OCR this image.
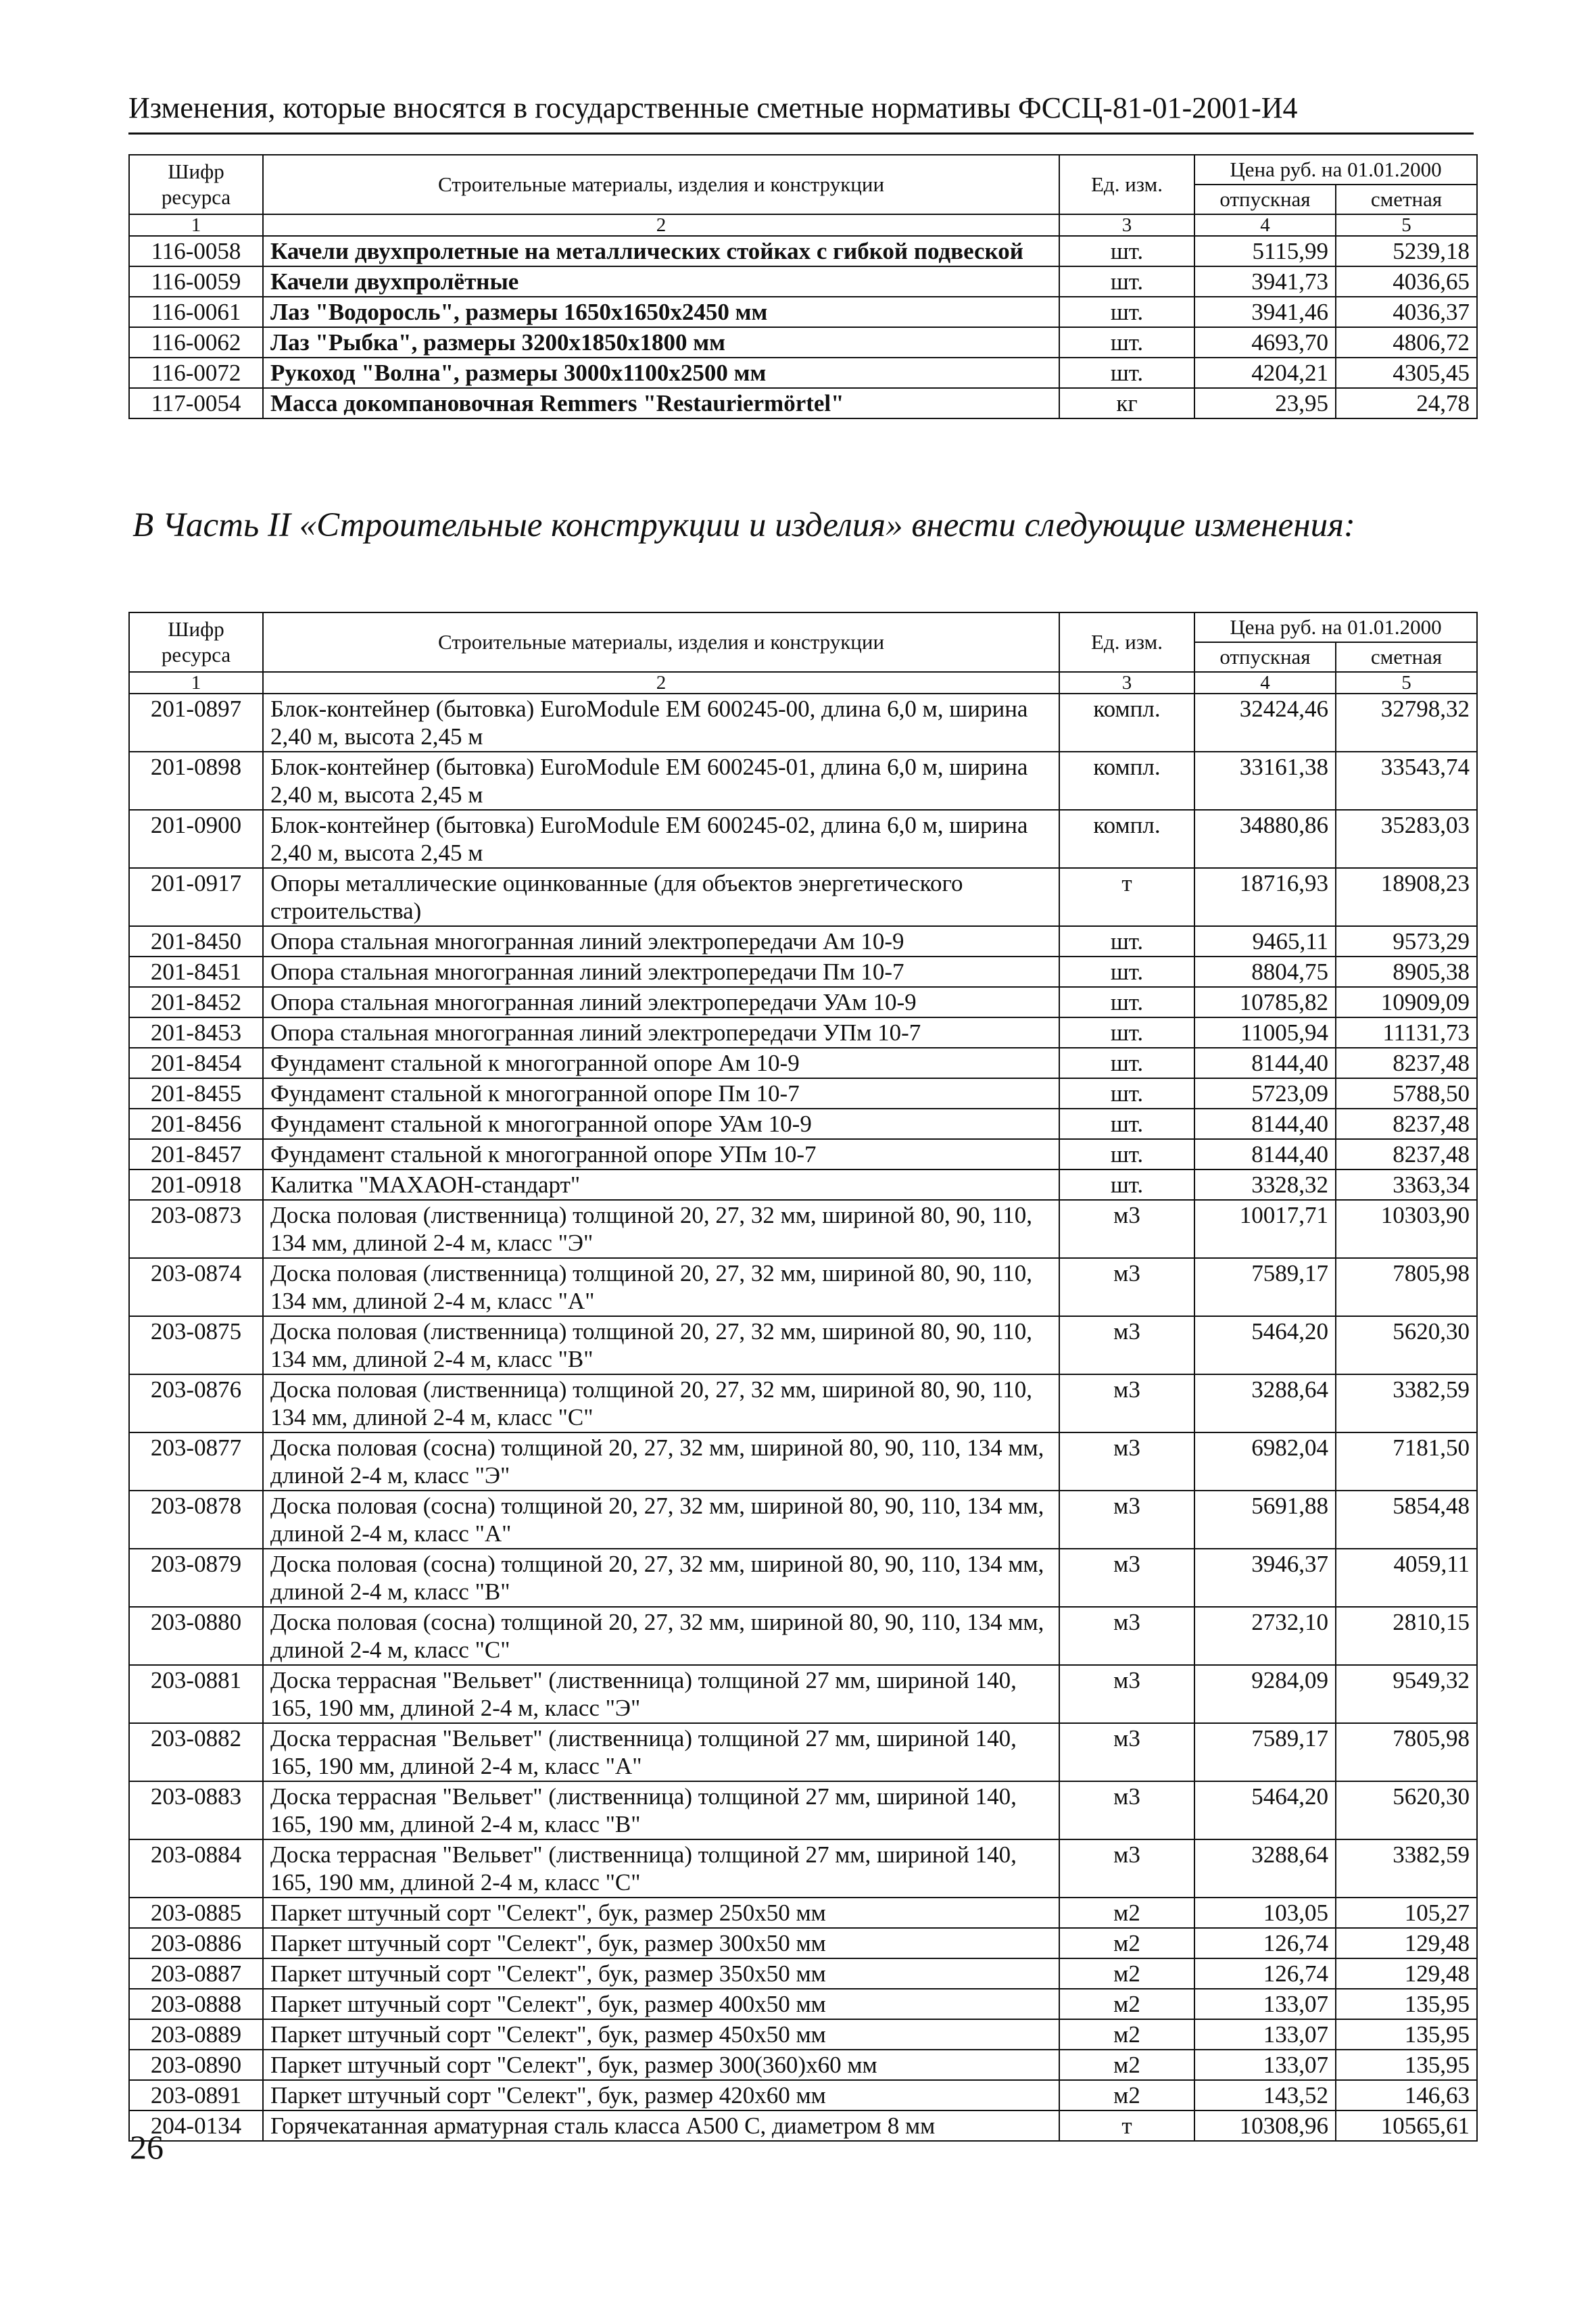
Изменения, которые вносятся в государственные сметные нормативы ФССЦ-81-01-2001-И4
Шифр ресурса	Строительные материалы, изделия и конструкции	Ед. изм.	Цена руб. на 01.01.2000	
			отпускная	сметная
1	2	3	4	5
116-0058	Качели двухпролетные на металлических стойках с гибкой подвеской	шт.	5115,99	5239,18
116-0059	Качели двухпролётные	шт.	3941,73	4036,65
116-0061	Лаз "Водоросль", размеры 1650x1650x2450 мм	шт.	3941,46	4036,37
116-0062	Лаз "Рыбка", размеры 3200x1850x1800 мм	шт.	4693,70	4806,72
116-0072	Рукоход "Волна", размеры 3000x1100x2500 мм	шт.	4204,21	4305,45
117-0054	Масса докомпановочная Remmers "Restauriermörtel"	кг	23,95	24,78
В Часть II «Строительные конструкции и изделия» внести следующие изменения:
Шифр ресурса	Строительные материалы, изделия и конструкции	Ед. изм.	Цена руб. на 01.01.2000	
			отпускная	сметная
1	2	3	4	5
201-0897	Блок-контейнер (бытовка) EuroModule EM 600245-00, длина 6,0 м, ширина 2,40 м, высота 2,45 м	компл.	32424,46	32798,32
201-0898	Блок-контейнер (бытовка) EuroModule EM 600245-01, длина 6,0 м, ширина 2,40 м, высота 2,45 м	компл.	33161,38	33543,74
201-0900	Блок-контейнер (бытовка) EuroModule EM 600245-02, длина 6,0 м, ширина 2,40 м, высота 2,45 м	компл.	34880,86	35283,03
201-0917	Опоры металлические оцинкованные (для объектов энергетического строительства)	т	18716,93	18908,23
201-8450	Опора стальная многогранная линий электропередачи Ам 10-9	шт.	9465,11	9573,29
201-8451	Опора стальная многогранная линий электропередачи Пм 10-7	шт.	8804,75	8905,38
201-8452	Опора стальная многогранная линий электропередачи УАм 10-9	шт.	10785,82	10909,09
201-8453	Опора стальная многогранная линий электропередачи УПм 10-7	шт.	11005,94	11131,73
201-8454	Фундамент стальной к многогранной опоре Ам 10-9	шт.	8144,40	8237,48
201-8455	Фундамент стальной к многогранной опоре Пм 10-7	шт.	5723,09	5788,50
201-8456	Фундамент стальной к многогранной опоре УАм 10-9	шт.	8144,40	8237,48
201-8457	Фундамент стальной к многогранной опоре УПм 10-7	шт.	8144,40	8237,48
201-0918	Калитка "МАХАОН-стандарт"	шт.	3328,32	3363,34
203-0873	Доска половая (лиственница) толщиной 20, 27, 32 мм, шириной 80, 90, 110, 134 мм, длиной 2-4 м, класс "Э"	м3	10017,71	10303,90
203-0874	Доска половая (лиственница) толщиной 20, 27, 32 мм, шириной 80, 90, 110, 134 мм, длиной 2-4 м, класс "А"	м3	7589,17	7805,98
203-0875	Доска половая (лиственница) толщиной 20, 27, 32 мм, шириной 80, 90, 110, 134 мм, длиной 2-4 м, класс "В"	м3	5464,20	5620,30
203-0876	Доска половая (лиственница) толщиной 20, 27, 32 мм, шириной 80, 90, 110, 134 мм, длиной 2-4 м, класс "С"	м3	3288,64	3382,59
203-0877	Доска половая (сосна) толщиной 20, 27, 32 мм, шириной 80, 90, 110, 134 мм, длиной 2-4 м, класс "Э"	м3	6982,04	7181,50
203-0878	Доска половая (сосна) толщиной 20, 27, 32 мм, шириной 80, 90, 110, 134 мм, длиной 2-4 м, класс "А"	м3	5691,88	5854,48
203-0879	Доска половая (сосна) толщиной 20, 27, 32 мм, шириной 80, 90, 110, 134 мм, длиной 2-4 м, класс "В"	м3	3946,37	4059,11
203-0880	Доска половая (сосна) толщиной 20, 27, 32 мм, шириной 80, 90, 110, 134 мм, длиной 2-4 м, класс "С"	м3	2732,10	2810,15
203-0881	Доска террасная "Вельвет" (лиственница) толщиной 27 мм, шириной 140, 165, 190 мм, длиной 2-4 м, класс "Э"	м3	9284,09	9549,32
203-0882	Доска террасная "Вельвет" (лиственница) толщиной 27 мм, шириной 140, 165, 190 мм, длиной 2-4 м, класс "А"	м3	7589,17	7805,98
203-0883	Доска террасная "Вельвет" (лиственница) толщиной 27 мм, шириной 140, 165, 190 мм, длиной 2-4 м, класс "В"	м3	5464,20	5620,30
203-0884	Доска террасная "Вельвет" (лиственница) толщиной 27 мм, шириной 140, 165, 190 мм, длиной 2-4 м, класс "С"	м3	3288,64	3382,59
203-0885	Паркет штучный сорт "Селект", бук, размер 250x50 мм	м2	103,05	105,27
203-0886	Паркет штучный сорт "Селект", бук, размер 300x50 мм	м2	126,74	129,48
203-0887	Паркет штучный сорт "Селект", бук, размер 350x50 мм	м2	126,74	129,48
203-0888	Паркет штучный сорт "Селект", бук, размер 400x50 мм	м2	133,07	135,95
203-0889	Паркет штучный сорт "Селект", бук, размер 450x50 мм	м2	133,07	135,95
203-0890	Паркет штучный сорт "Селект", бук, размер 300(360)x60 мм	м2	133,07	135,95
203-0891	Паркет штучный сорт "Селект", бук, размер 420x60 мм	м2	143,52	146,63
204-0134	Горячекатанная арматурная сталь класса А500 С, диаметром 8 мм	т	10308,96	10565,61
26
